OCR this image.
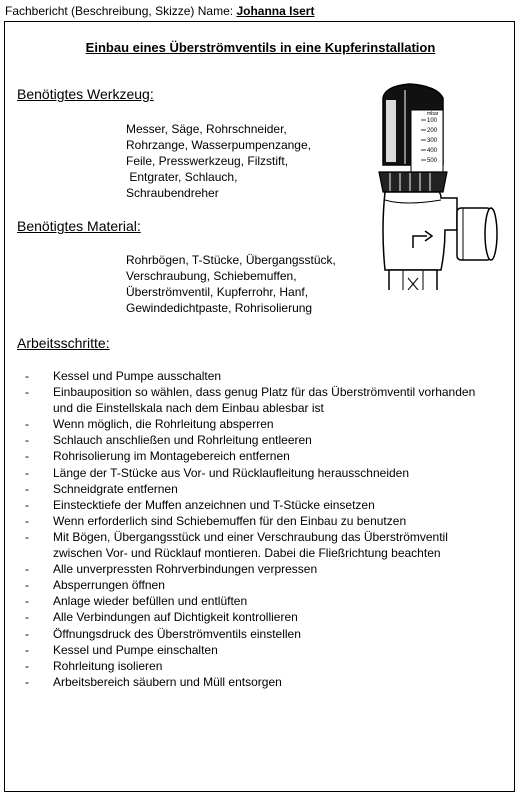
Fachbericht (Beschreibung, Skizze) Name: Johanna Isert
Einbau eines Überströmventils in eine Kupferinstallation
Benötigtes Werkzeug:
Messer, Säge, Rohrschneider,
Rohrzange, Wasserpumpenzange,
Feile, Presswerkzeug, Filzstift,
Entgrater, Schlauch,
Schraubendreher
Benötigtes Material:
Rohrbögen, T-Stücke, Übergangsstück,
Verschraubung, Schiebemuffen,
Überströmventil, Kupferrohr, Hanf,
Gewindedichtpaste, Rohrisolierung
Arbeitsschritte:
mbar
100
200
300
400
500
- Kessel und Pumpe ausschalten
- Einbauposition so wählen, dass genug Platz für das Überströmventil vorhanden
und die Einstellskala nach dem Einbau ablesbar ist
- Wenn möglich, die Rohrleitung absperren
- Schlauch anschließen und Rohrleitung entleeren
- Rohrisolierung im Montagebereich entfernen
- Länge der T-Stücke aus Vor- und Rücklaufleitung herausschneiden
- Schneidgrate entfernen
- Einstecktiefe der Muffen anzeichnen und T-Stücke einsetzen
- Wenn erforderlich sind Schiebemuffen für den Einbau zu benutzen
- Mit Bögen, Übergangsstück und einer Verschraubung das Überströmventil
zwischen Vor- und Rücklauf montieren. Dabei die Fließrichtung beachten
- Alle unverpressten Rohrverbindungen verpressen
- Absperrungen öffnen
- Anlage wieder befüllen und entlüften
- Alle Verbindungen auf Dichtigkeit kontrollieren
- Öffnungsdruck des Überströmventils einstellen
- Kessel und Pumpe einschalten
- Rohrleitung isolieren
- Arbeitsbereich säubern und Müll entsorgen
